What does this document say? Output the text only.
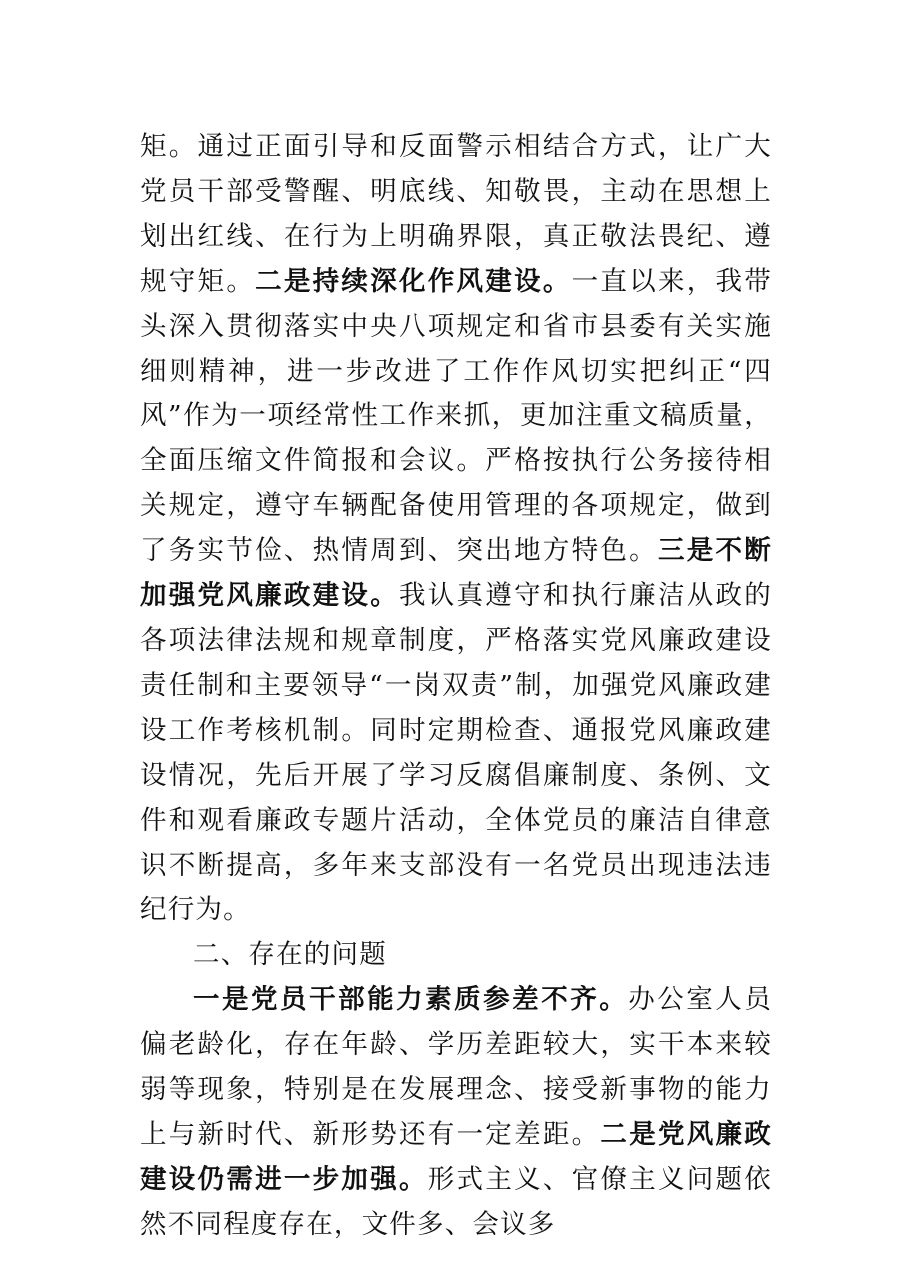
矩。通过正面引导和反面警示相结合方式，让广大党员干部受警醒、明底线、知敬畏，主动在思想上划出红线、在行为上明确界限，真正敬法畏纪、遵规守矩。二是持续深化作风建设。一直以来，我带头深入贯彻落实中央八项规定和省市县委有关实施细则精神，进一步改进了工作作风切实把纠正“四风”作为一项经常性工作来抓，更加注重文稿质量，全面压缩文件简报和会议。严格按执行公务接待相关规定，遵守车辆配备使用管理的各项规定，做到了务实节俭、热情周到、突出地方特色。三是不断加强党风廉政建设。我认真遵守和执行廉洁从政的各项法律法规和规章制度，严格落实党风廉政建设责任制和主要领导“一岗双责”制，加强党风廉政建设工作考核机制。同时定期检查、通报党风廉政建设情况，先后开展了学习反腐倡廉制度、条例、文件和观看廉政专题片活动，全体党员的廉洁自律意识不断提高，多年来支部没有一名党员出现违法违纪行为。

二、存在的问题

一是党员干部能力素质参差不齐。办公室人员偏老龄化，存在年龄、学历差距较大，实干本来较弱等现象，特别是在发展理念、接受新事物的能力上与新时代、新形势还有一定差距。二是党风廉政建设仍需进一步加强。形式主义、官僚主义问题依然不同程度存在，文件多、会议多
